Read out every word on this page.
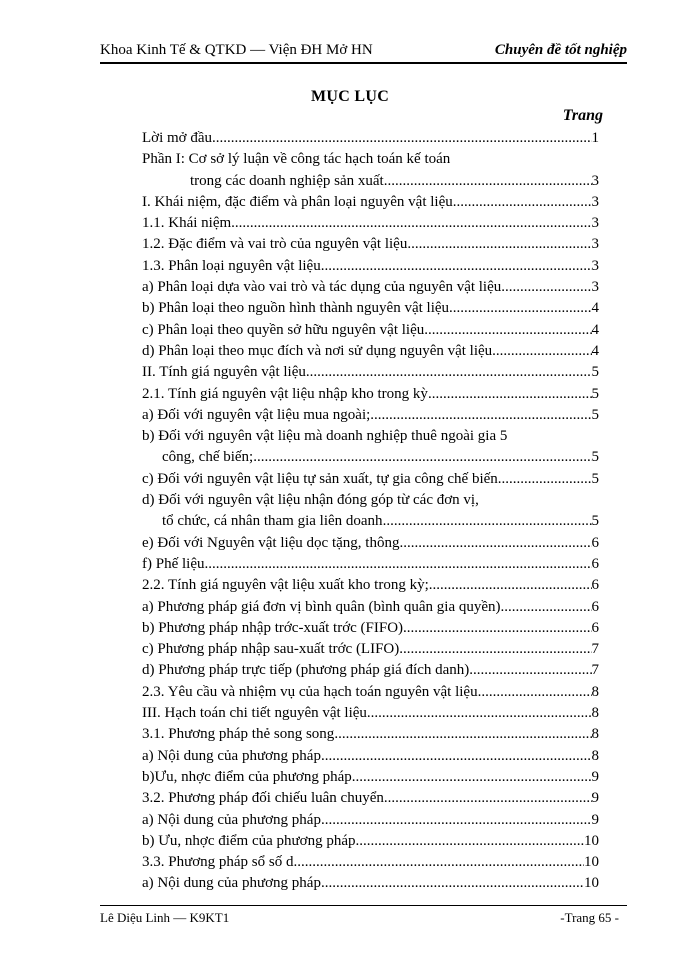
Khoa Kinh Tế & QTKD — Viện ĐH Mở HN	Chuyên đề tốt nghiệp
MỤC LỤC
Trang
Lời mở đầu .....	1
Phần I: Cơ sở lý luận về công tác hạch toán kế toán
trong các doanh nghiệp sản xuất .....	3
I. Khái niệm, đặc điểm và phân loại nguyên vật liệu. .....	3
1.1. Khái niệm .....	3
1.2. Đặc điểm và vai trò của nguyên vật liệu. .....	3
1.3. Phân loại nguyên vật liệu. .....	3
a) Phân loại dựa vào vai trò và tác dụng của nguyên vật liệu .....	3
b) Phân loại theo nguồn hình thành nguyên vật liệu .....	4
c) Phân loại theo quyền sở hữu nguyên vật liệu .....	4
d) Phân loại theo mục đích và nơi sử dụng nguyên vật liệu .....	4
II. Tính giá nguyên vật liệu .....	5
2.1. Tính giá nguyên vật liệu nhập kho trong kỳ .....	5
a) Đối với nguyên vật liệu mua ngoài; .....	5
b) Đối với nguyên vật liệu mà doanh nghiệp thuê ngoài gia 5
công, chế biến; .....	5
c) Đối với nguyên vật liệu tự sản xuất, tự gia công chế biến .....	5
d) Đối với nguyên vật liệu nhận đóng góp từ các đơn vị,
tổ chức, cá nhân tham gia liên doanh .....	5
e) Đối với Nguyên vật liệu dọc tặng, thông .....	6
f) Phế liệu .....	6
2.2. Tính giá nguyên vật liệu xuất kho trong kỳ; .....	6
a) Phương pháp giá đơn vị bình quân (bình quân gia quyền) .....	6
b) Phương pháp nhập trớc-xuất trớc (FIFO) .....	6
c) Phương pháp nhập sau-xuất trớc (LIFO) .....	7
d) Phương pháp trực tiếp (phương pháp giá đích danh). .....	7
2.3. Yêu cầu và nhiệm vụ của hạch toán nguyên vật liệu. .....	8
III. Hạch toán chi tiết nguyên vật liệu .....	8
3.1. Phương pháp thẻ song song .....	8
a) Nội dung của phương pháp. .....	8
b)Ưu, nhợc điểm của phương pháp. .....	9
3.2. Phương pháp đối chiếu luân chuyển .....	9
a) Nội dung của phương pháp. .....	9
b) Ưu, nhợc điểm của phương pháp. .....	10
3.3. Phương pháp sổ số d. .....	10
a) Nội dung của phương pháp. .....	10
Lê Diệu Linh — K9KT1	-Trang 65 -
